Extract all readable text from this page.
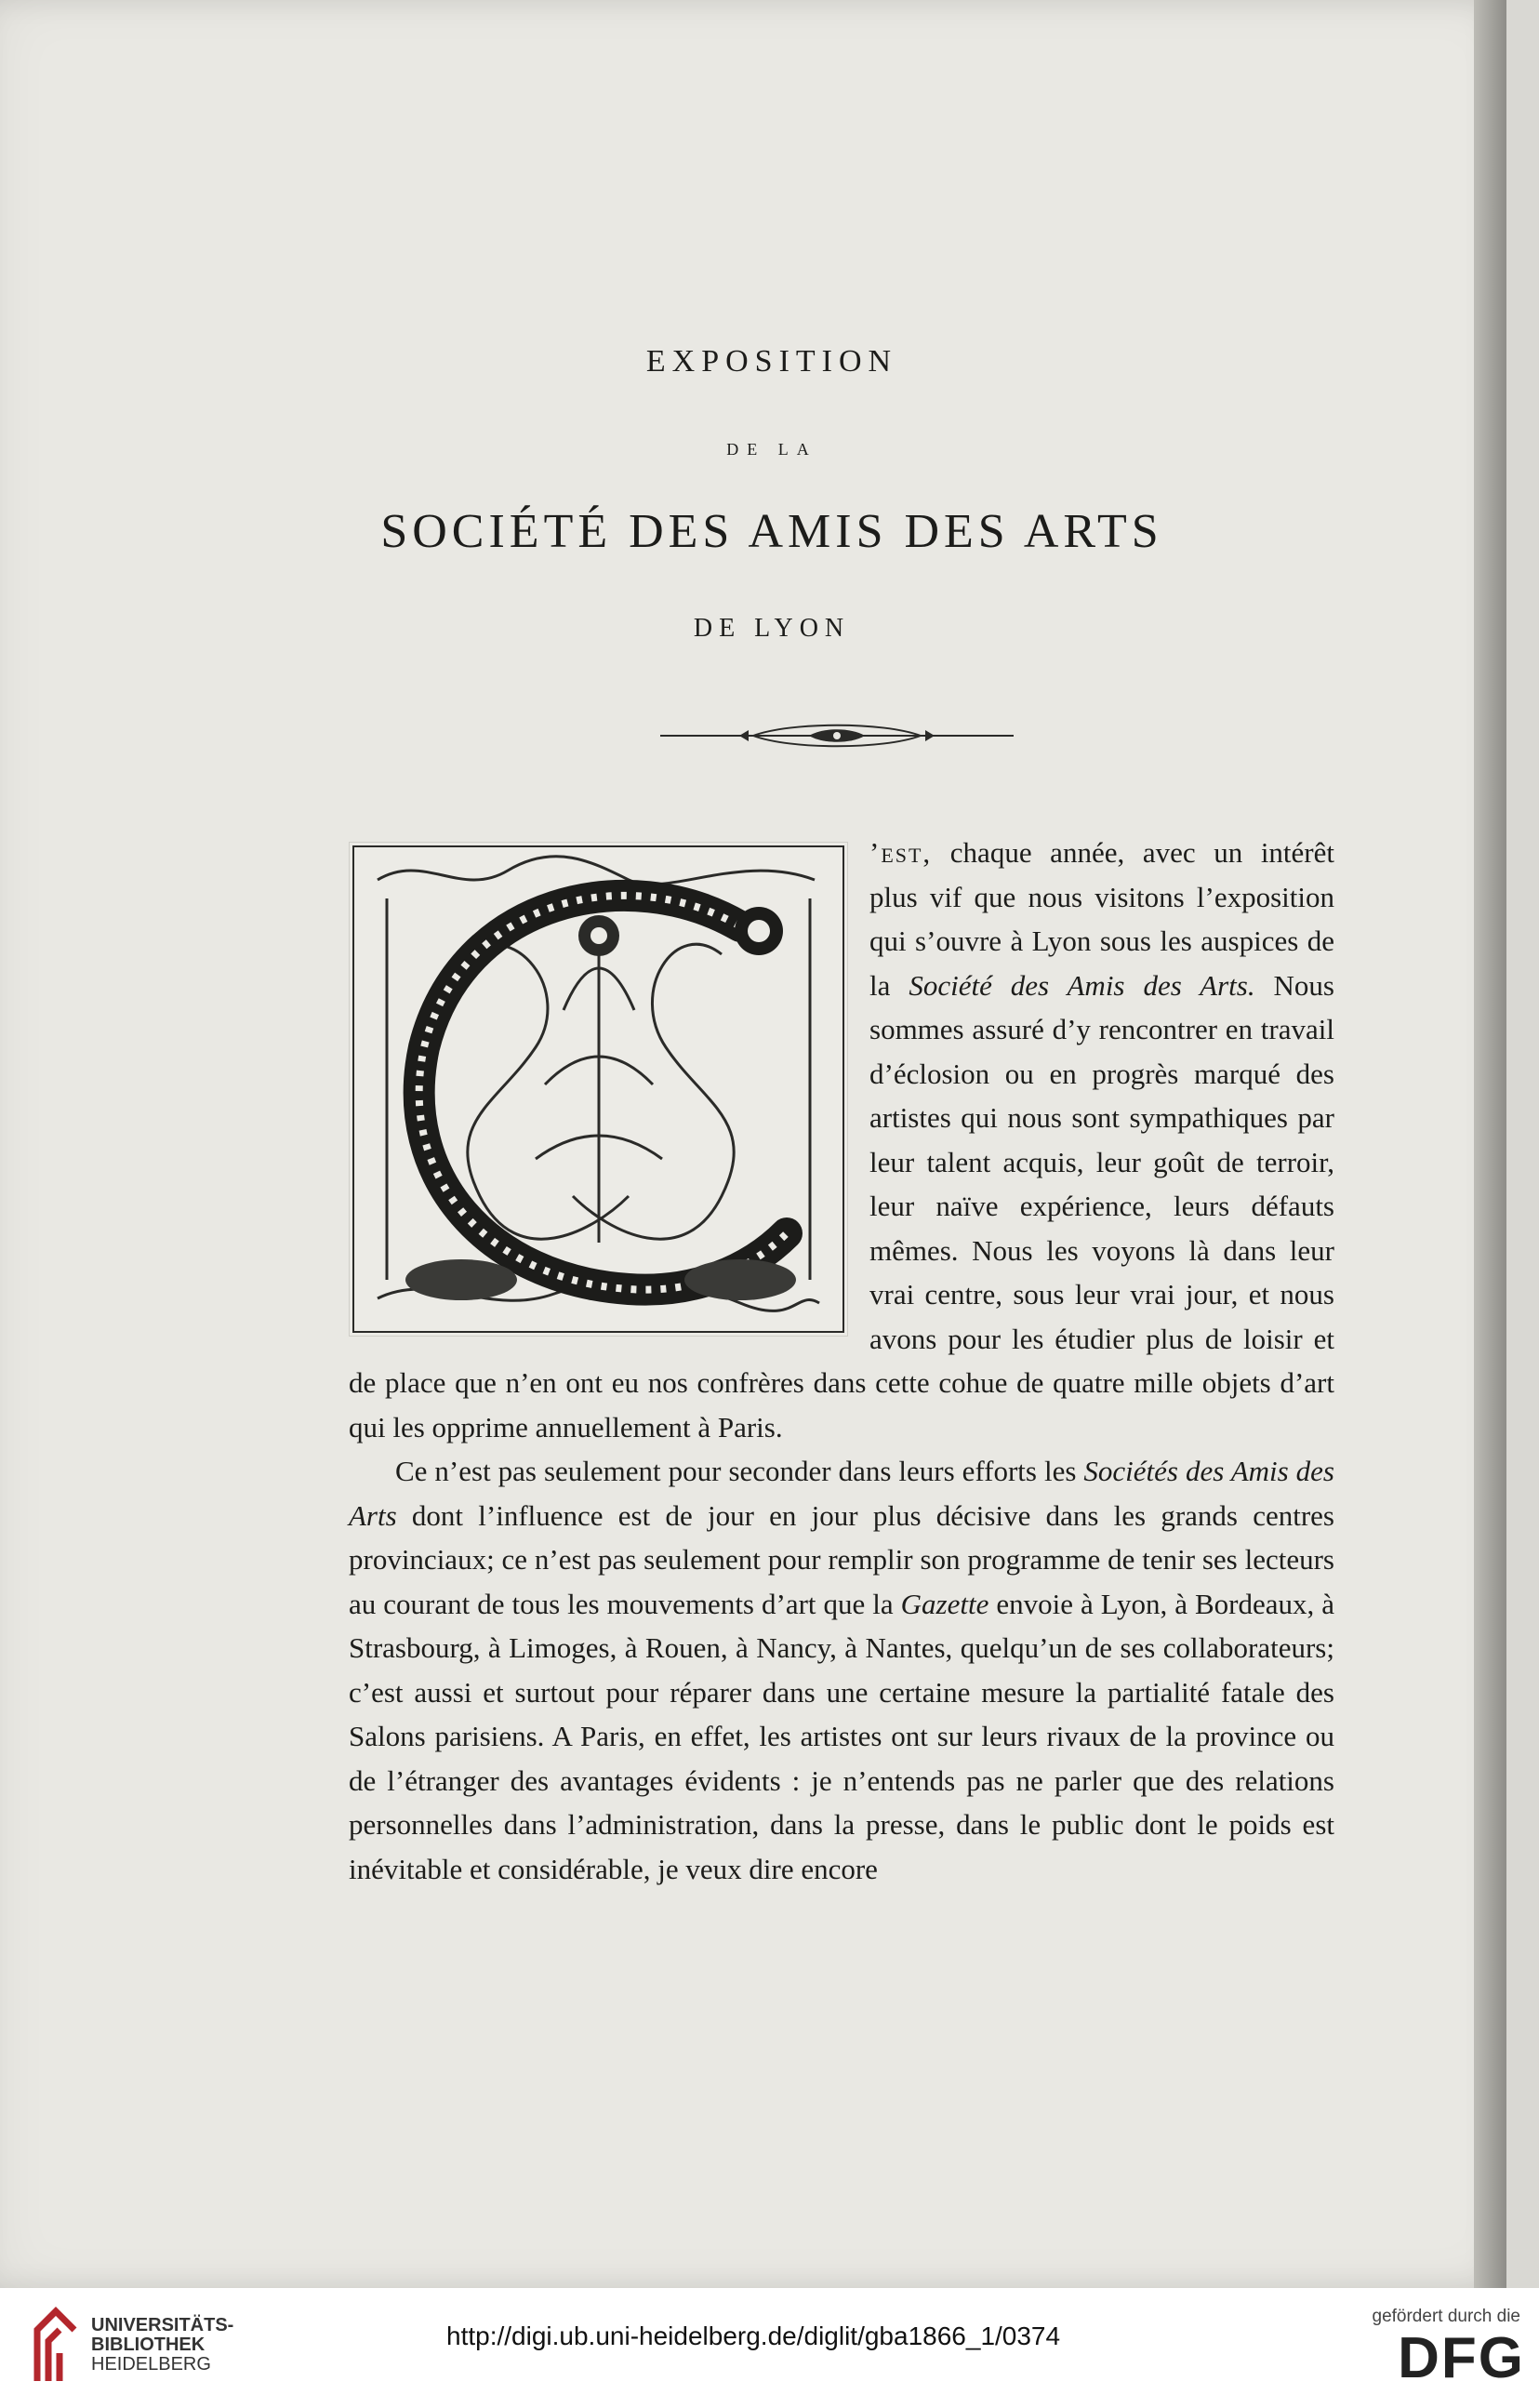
EXPOSITION
DE LA
SOCIÉTÉ DES AMIS DES ARTS
DE LYON

’est, chaque année, avec un intérêt plus vif que nous visitons l’exposition qui s’ouvre à Lyon sous les auspices de la Société des Amis des Arts. Nous sommes assuré d’y rencontrer en travail d’éclosion ou en progrès marqué des artistes qui nous sont sympathiques par leur talent acquis, leur goût de terroir, leur naïve expérience, leurs défauts mêmes. Nous les voyons là dans leur vrai centre, sous leur vrai jour, et nous avons pour les étudier plus de loisir et de place que n’en ont eu nos confrères dans cette cohue de quatre mille objets d’art qui les opprime annuellement à Paris.

Ce n’est pas seulement pour seconder dans leurs efforts les Sociétés des Amis des Arts dont l’influence est de jour en jour plus décisive dans les grands centres provinciaux; ce n’est pas seulement pour remplir son programme de tenir ses lecteurs au courant de tous les mouvements d’art que la Gazette envoie à Lyon, à Bordeaux, à Strasbourg, à Limoges, à Rouen, à Nancy, à Nantes, quelqu’un de ses collaborateurs; c’est aussi et surtout pour réparer dans une certaine mesure la partialité fatale des Salons parisiens. A Paris, en effet, les artistes ont sur leurs rivaux de la province ou de l’étranger des avantages évidents : je n’entends pas ne parler que des relations personnelles dans l’administration, dans la presse, dans le public dont le poids est inévitable et considérable, je veux dire encore

UNIVERSITÄTS-
BIBLIOTHEK
HEIDELBERG
http://digi.ub.uni-heidelberg.de/diglit/gba1866_1/0374
gefördert durch die
DFG
